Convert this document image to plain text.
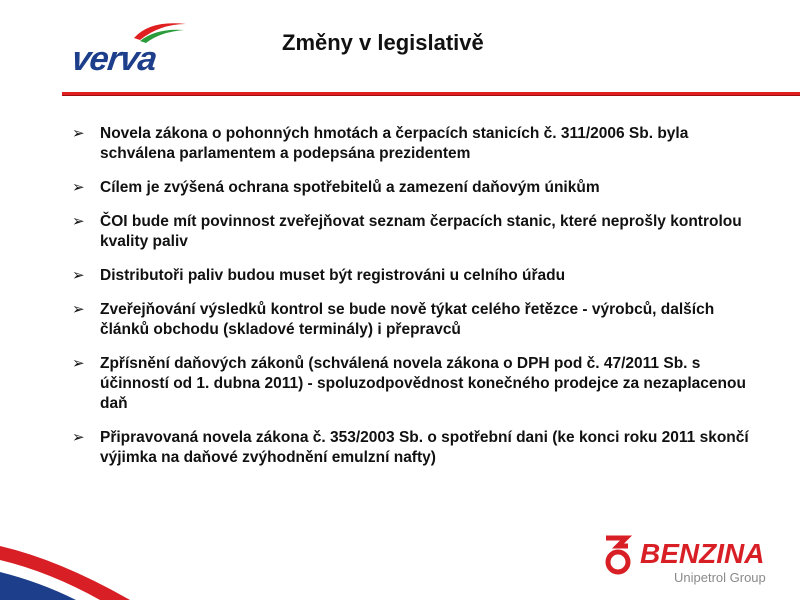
verva	Změny v legislativě
➢ Novela zákona o pohonných hmotách a čerpacích stanicích č. 311/2006 Sb. byla schválena parlamentem a podepsána prezidentem
➢ Cílem je zvýšená ochrana spotřebitelů a zamezení daňovým únikům
➢ ČOI bude mít povinnost zveřejňovat seznam čerpacích stanic, které neprošly kontrolou kvality paliv
➢ Distributoři paliv budou muset být registrováni u celního úřadu
➢ Zveřejňování výsledků kontrol se bude nově týkat celého řetězce - výrobců, dalších článků obchodu (skladové terminály) i přepravců
➢ Zpřísnění daňových zákonů (schválená novela zákona o DPH pod č. 47/2011 Sb. s účinností od 1. dubna 2011) - spoluzodpovědnost konečného prodejce za nezaplacenou daň
➢ Připravovaná novela zákona č. 353/2003 Sb. o spotřební dani (ke konci roku 2011 skončí výjimka na daňové zvýhodnění emulzní nafty)
BENZINA
Unipetrol Group
